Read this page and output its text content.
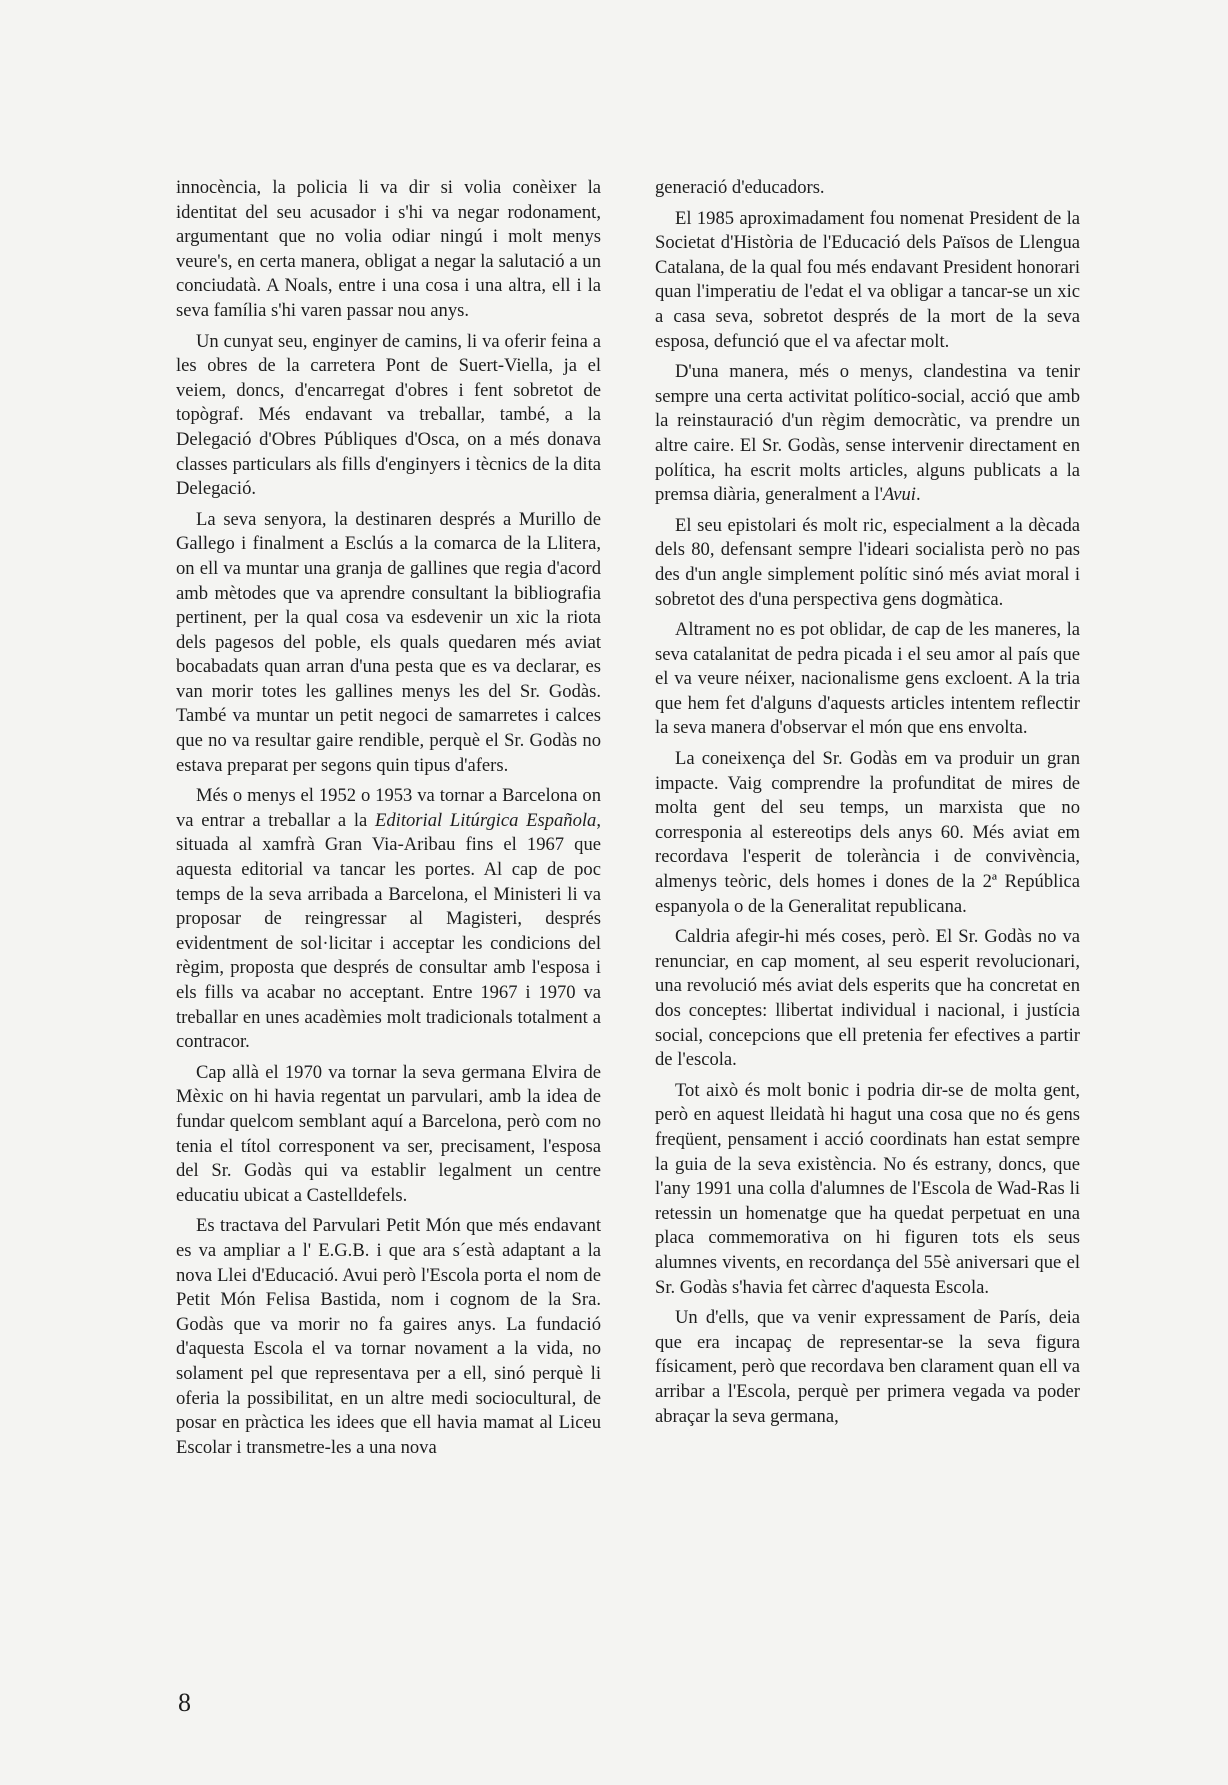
innocència, la policia li va dir si volia conèixer la identitat del seu acusador i s'hi va negar rodonament, argumentant que no volia odiar ningú i molt menys veure's, en certa manera, obligat a negar la salutació a un conciudatà. A Noals, entre i una cosa i una altra, ell i la seva família s'hi varen passar nou anys.

Un cunyat seu, enginyer de camins, li va oferir feina a les obres de la carretera Pont de Suert-Viella, ja el veiem, doncs, d'encarregat d'obres i fent sobretot de topògraf. Més endavant va treballar, també, a la Delegació d'Obres Públiques d'Osca, on a més donava classes particulars als fills d'enginyers i tècnics de la dita Delegació.

La seva senyora, la destinaren després a Murillo de Gallego i finalment a Esclús a la comarca de la Llitera, on ell va muntar una granja de gallines que regia d'acord amb mètodes que va aprendre consultant la bibliografia pertinent, per la qual cosa va esdevenir un xic la riota dels pagesos del poble, els quals quedaren més aviat bocabadats quan arran d'una pesta que es va declarar, es van morir totes les gallines menys les del Sr. Godàs. També va muntar un petit negoci de samarretes i calces que no va resultar gaire rendible, perquè el Sr. Godàs no estava preparat per segons quin tipus d'afers.

Més o menys el 1952 o 1953 va tornar a Barcelona on va entrar a treballar a la Editorial Litúrgica Española, situada al xamfrà Gran Via-Aribau fins el 1967 que aquesta editorial va tancar les portes. Al cap de poc temps de la seva arribada a Barcelona, el Ministeri li va proposar de reingressar al Magisteri, després evidentment de sol·licitar i acceptar les condicions del règim, proposta que després de consultar amb l'esposa i els fills va acabar no acceptant. Entre 1967 i 1970 va treballar en unes acadèmies molt tradicionals totalment a contracor.

Cap allà el 1970 va tornar la seva germana Elvira de Mèxic on hi havia regentat un parvulari, amb la idea de fundar quelcom semblant aquí a Barcelona, però com no tenia el títol corresponent va ser, precisament, l'esposa del Sr. Godàs qui va establir legalment un centre educatiu ubicat a Castelldefels.

Es tractava del Parvulari Petit Món que més endavant es va ampliar a l' E.G.B. i que ara s´està adaptant a la nova Llei d'Educació. Avui però l'Escola porta el nom de Petit Món Felisa Bastida, nom i cognom de la Sra. Godàs que va morir no fa gaires anys. La fundació d'aquesta Escola el va tornar novament a la vida, no solament pel que representava per a ell, sinó perquè li oferia la possibilitat, en un altre medi sociocultural, de posar en pràctica les idees que ell havia mamat al Liceu Escolar i transmetre-les a una nova

generació d'educadors.

El 1985 aproximadament fou nomenat President de la Societat d'Història de l'Educació dels Països de Llengua Catalana, de la qual fou més endavant President honorari quan l'imperatiu de l'edat el va obligar a tancar-se un xic a casa seva, sobretot després de la mort de la seva esposa, defunció que el va afectar molt.

D'una manera, més o menys, clandestina va tenir sempre una certa activitat político-social, acció que amb la reinstauració d'un règim democràtic, va prendre un altre caire. El Sr. Godàs, sense intervenir directament en política, ha escrit molts articles, alguns publicats a la premsa diària, generalment a l'Avui.

El seu epistolari és molt ric, especialment a la dècada dels 80, defensant sempre l'ideari socialista però no pas des d'un angle simplement polític sinó més aviat moral i sobretot des d'una perspectiva gens dogmàtica.

Altrament no es pot oblidar, de cap de les maneres, la seva catalanitat de pedra picada i el seu amor al país que el va veure néixer, nacionalisme gens excloent. A la tria que hem fet d'alguns d'aquests articles intentem reflectir la seva manera d'observar el món que ens envolta.

La coneixença del Sr. Godàs em va produir un gran impacte. Vaig comprendre la profunditat de mires de molta gent del seu temps, un marxista que no corresponia al estereotips dels anys 60. Més aviat em recordava l'esperit de tolerància i de convivència, almenys teòric, dels homes i dones de la 2ª República espanyola o de la Generalitat republicana.

Caldria afegir-hi més coses, però. El Sr. Godàs no va renunciar, en cap moment, al seu esperit revolucionari, una revolució més aviat dels esperits que ha concretat en dos conceptes: llibertat individual i nacional, i justícia social, concepcions que ell pretenia fer efectives a partir de l'escola.

Tot això és molt bonic i podria dir-se de molta gent, però en aquest lleidatà hi hagut una cosa que no és gens freqüent, pensament i acció coordinats han estat sempre la guia de la seva existència. No és estrany, doncs, que l'any 1991 una colla d'alumnes de l'Escola de Wad-Ras li retessin un homenatge que ha quedat perpetuat en una placa commemorativa on hi figuren tots els seus alumnes vivents, en recordança del 55è aniversari que el Sr. Godàs s'havia fet càrrec d'aquesta Escola.

Un d'ells, que va venir expressament de París, deia que era incapaç de representar-se la seva figura físicament, però que recordava ben clarament quan ell va arribar a l'Escola, perquè per primera vegada va poder abraçar la seva germana,

8
